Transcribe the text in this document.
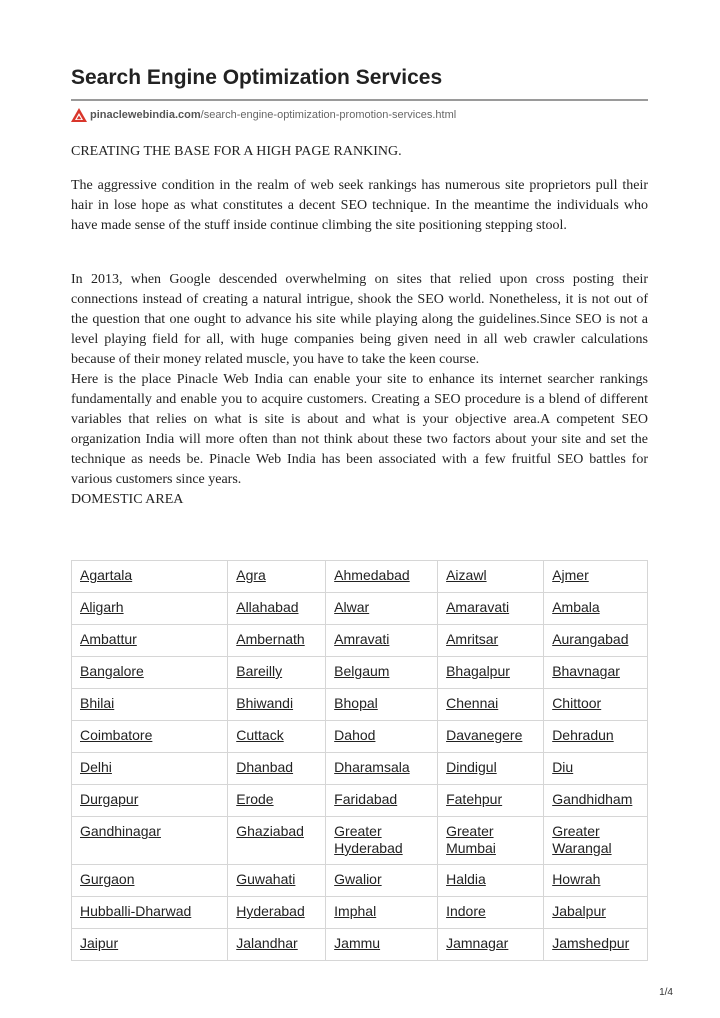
Search Engine Optimization Services
pinaclewebindia.com /search-engine-optimization-promotion-services.html

CREATING THE BASE FOR A HIGH PAGE RANKING.

The aggressive condition in the realm of web seek rankings has numerous site proprietors pull their hair in lose hope as what constitutes a decent SEO technique. In the meantime the individuals who have made sense of the stuff inside continue climbing the site positioning stepping stool.

In 2013, when Google descended overwhelming on sites that relied upon cross posting their connections instead of creating a natural intrigue, shook the SEO world. Nonetheless, it is not out of the question that one ought to advance his site while playing along the guidelines.Since SEO is not a level playing field for all, with huge companies being given need in all web crawler calculations because of their money related muscle, you have to take the keen course.

Here is the place Pinacle Web India can enable your site to enhance its internet searcher rankings fundamentally and enable you to acquire customers. Creating a SEO procedure is a blend of different variables that relies on what is site is about and what is your objective area.A competent SEO organization India will more often than not think about these two factors about your site and set the technique as needs be. Pinacle Web India has been associated with a few fruitful SEO battles for various customers since years.

DOMESTIC AREA

Agartala	Agra	Ahmedabad	Aizawl	Ajmer
Aligarh	Allahabad	Alwar	Amaravati	Ambala
Ambattur	Ambernath	Amravati	Amritsar	Aurangabad
Bangalore	Bareilly	Belgaum	Bhagalpur	Bhavnagar
Bhilai	Bhiwandi	Bhopal	Chennai	Chittoor
Coimbatore	Cuttack	Dahod	Davanegere	Dehradun
Delhi	Dhanbad	Dharamsala	Dindigul	Diu
Durgapur	Erode	Faridabad	Fatehpur	Gandhidham
Gandhinagar	Ghaziabad	Greater Hyderabad	Greater Mumbai	Greater Warangal
Gurgaon	Guwahati	Gwalior	Haldia	Howrah
Hubballi-Dharwad	Hyderabad	Imphal	Indore	Jabalpur
Jaipur	Jalandhar	Jammu	Jamnagar	Jamshedpur
1/4
